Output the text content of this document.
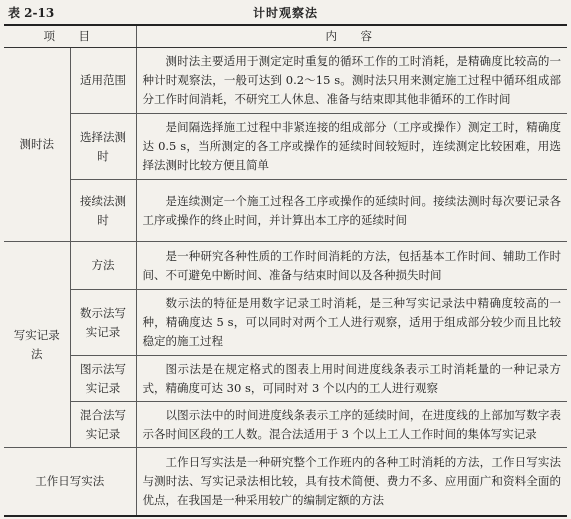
表 2-13	计时观察法
项　目		内　容
测时法	适用范围	测时法主要适用于测定定时重复的循环工作的工时消耗，是精确度比较高的一种计时观察法，一般可达到 0.2～15 s。测时法只用来测定施工过程中循环组成部分工作时间消耗，不研究工人休息、准备与结束即其他非循环的工作时间
	选择法测时	是间隔选择施工过程中非紧连接的组成部分（工序或操作）测定工时，精确度达 0.5 s，当所测定的各工序或操作的延续时间较短时，连续测定比较困难，用选择法测时比较方便且简单
	接续法测时	是连续测定一个施工过程各工序或操作的延续时间。接续法测时每次要记录各工序或操作的终止时间，并计算出本工序的延续时间
写实记录法	方法	是一种研究各种性质的工作时间消耗的方法，包括基本工作时间、辅助工作时间、不可避免中断时间、准备与结束时间以及各种损失时间
	数示法写实记录	数示法的特征是用数字记录工时消耗，是三种写实记录法中精确度较高的一种，精确度达 5 s，可以同时对两个工人进行观察，适用于组成部分较少而且比较稳定的施工过程
	图示法写实记录	图示法是在规定格式的图表上用时间进度线条表示工时消耗量的一种记录方式，精确度可达 30 s，可同时对 3 个以内的工人进行观察
	混合法写实记录	以图示法中的时间进度线条表示工序的延续时间，在进度线的上部加写数字表示各时间区段的工人数。混合法适用于 3 个以上工人工作时间的集体写实记录
工作日写实法		工作日写实法是一种研究整个工作班内的各种工时消耗的方法，工作日写实法与测时法、写实记录法相比较，具有技术简便、费力不多、应用面广和资料全面的优点，在我国是一种采用较广的编制定额的方法
